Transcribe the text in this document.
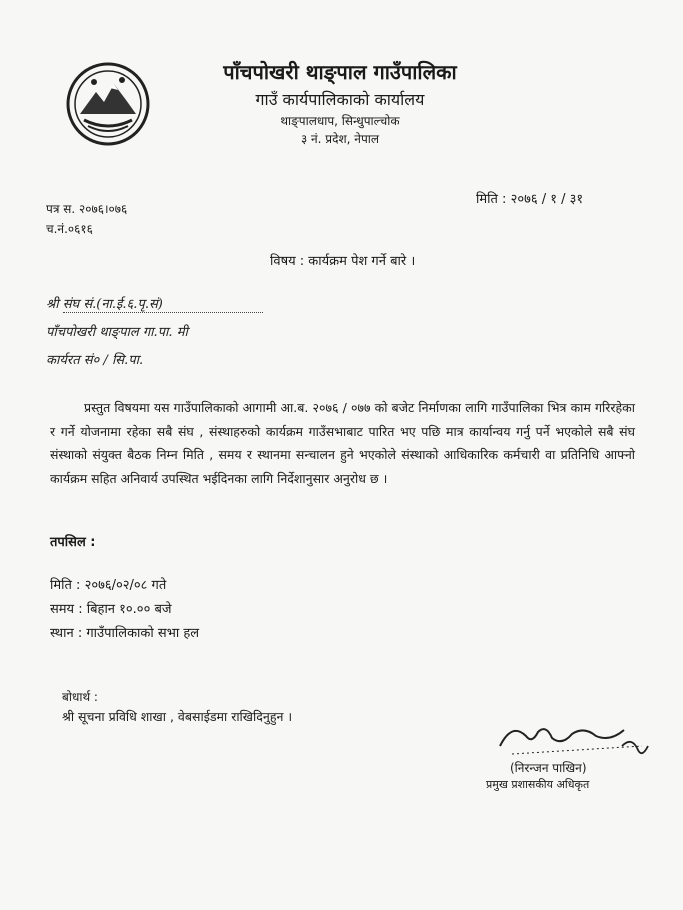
पाँचपोखरी थाङ्पाल गाउँपालिका
गाउँ कार्यपालिकाको कार्यालय
थाङ्पालधाप, सिन्धुपाल्चोक
३ नं. प्रदेश, नेपाल
मिति : २०७६ / १ / ३१
पत्र स. २०७६।०७६
च.नं.०६१६
विषय : कार्यक्रम पेश गर्ने बारे ।
श्री संघ सं.(ना.ई.६.पृ.सं)
पाँचपोखरी थाङ्पाल गा.पा. मी
कार्यरत सं० / सि.पा.
प्रस्तुत विषयमा यस गाउँपालिकाको आगामी आ.ब. २०७६ / ०७७ को बजेट निर्माणका लागि गाउँपालिका भित्र काम गरिरहेका र गर्ने योजनामा रहेका सबै संघ , संस्थाहरुको कार्यक्रम गाउँसभाबाट पारित भए पछि मात्र कार्यान्वय गर्नु पर्ने भएकोले सबै संघ संस्थाको संयुक्त बैठक निम्न मिति , समय र स्थानमा सन्चालन हुने भएकोले संस्थाको आधिकारिक कर्मचारी वा प्रतिनिधि आफ्नो कार्यक्रम सहित अनिवार्य उपस्थित भईदिनका लागि निर्देशानुसार अनुरोध छ ।
तपसिल :
मिति : २०७६/०२/०८ गते
समय : बिहान १०.०० बजे
स्थान : गाउँपालिकाको सभा हल
बोधार्थ :
श्री सूचना प्रविधि शाखा , वेबसाईडमा राखिदिनुहुन ।
(निरन्जन पाखिन)
प्रमुख प्रशासकीय अधिकृत
